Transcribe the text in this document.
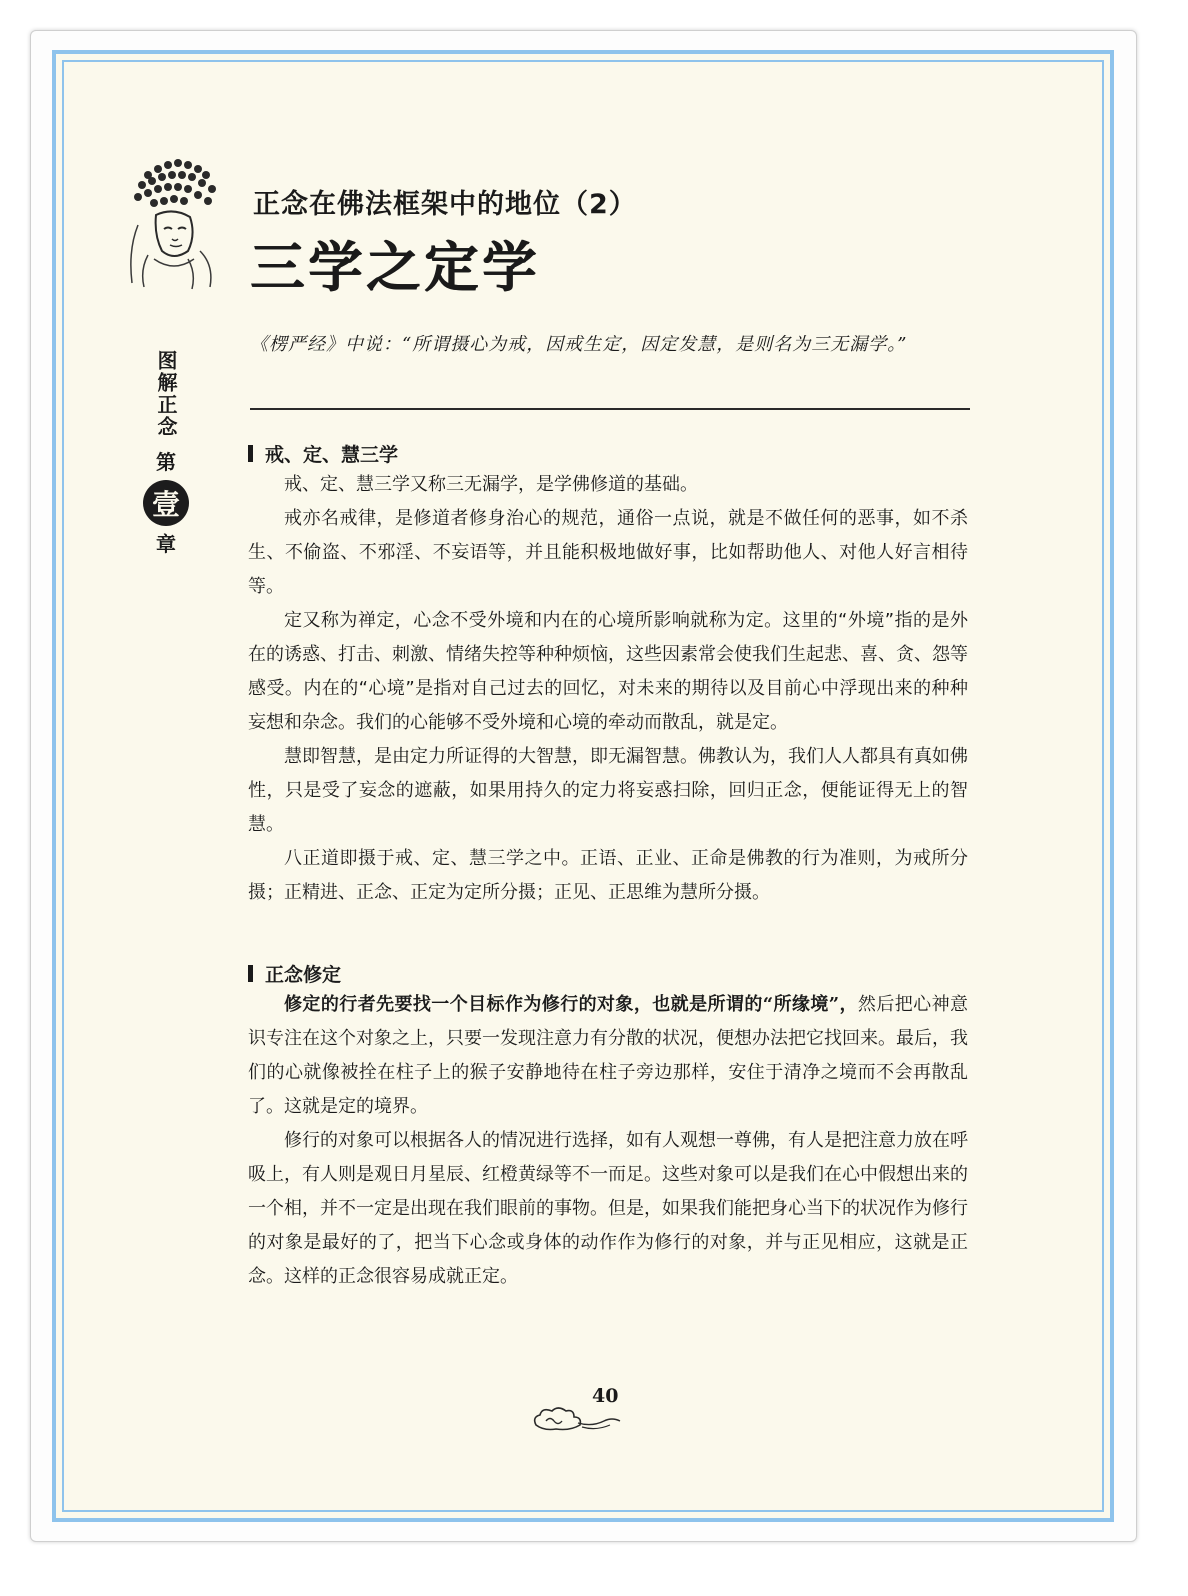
正念在佛法框架中的地位（2）
三学之定学
《楞严经》中说：“所谓摄心为戒，因戒生定，因定发慧，是则名为三无漏学。”
图解正念
第
壹
章
戒、定、慧三学

戒、定、慧三学又称三无漏学，是学佛修道的基础。

戒亦名戒律，是修道者修身治心的规范，通俗一点说，就是不做任何的恶事，如不杀生、不偷盗、不邪淫、不妄语等，并且能积极地做好事，比如帮助他人、对他人好言相待等。

定又称为禅定，心念不受外境和内在的心境所影响就称为定。这里的“外境”指的是外在的诱惑、打击、刺激、情绪失控等种种烦恼，这些因素常会使我们生起悲、喜、贪、怨等感受。内在的“心境”是指对自己过去的回忆，对未来的期待以及目前心中浮现出来的种种妄想和杂念。我们的心能够不受外境和心境的牵动而散乱，就是定。

慧即智慧，是由定力所证得的大智慧，即无漏智慧。佛教认为，我们人人都具有真如佛性，只是受了妄念的遮蔽，如果用持久的定力将妄惑扫除，回归正念，便能证得无上的智慧。

八正道即摄于戒、定、慧三学之中。正语、正业、正命是佛教的行为准则，为戒所分摄；正精进、正念、正定为定所分摄；正见、正思维为慧所分摄。

正念修定

修定的行者先要找一个目标作为修行的对象，也就是所谓的“所缘境”，然后把心神意识专注在这个对象之上，只要一发现注意力有分散的状况，便想办法把它找回来。最后，我们的心就像被拴在柱子上的猴子安静地待在柱子旁边那样，安住于清净之境而不会再散乱了。这就是定的境界。

修行的对象可以根据各人的情况进行选择，如有人观想一尊佛，有人是把注意力放在呼吸上，有人则是观日月星辰、红橙黄绿等不一而足。这些对象可以是我们在心中假想出来的一个相，并不一定是出现在我们眼前的事物。但是，如果我们能把身心当下的状况作为修行的对象是最好的了，把当下心念或身体的动作作为修行的对象，并与正见相应，这就是正念。这样的正念很容易成就正定。

40
